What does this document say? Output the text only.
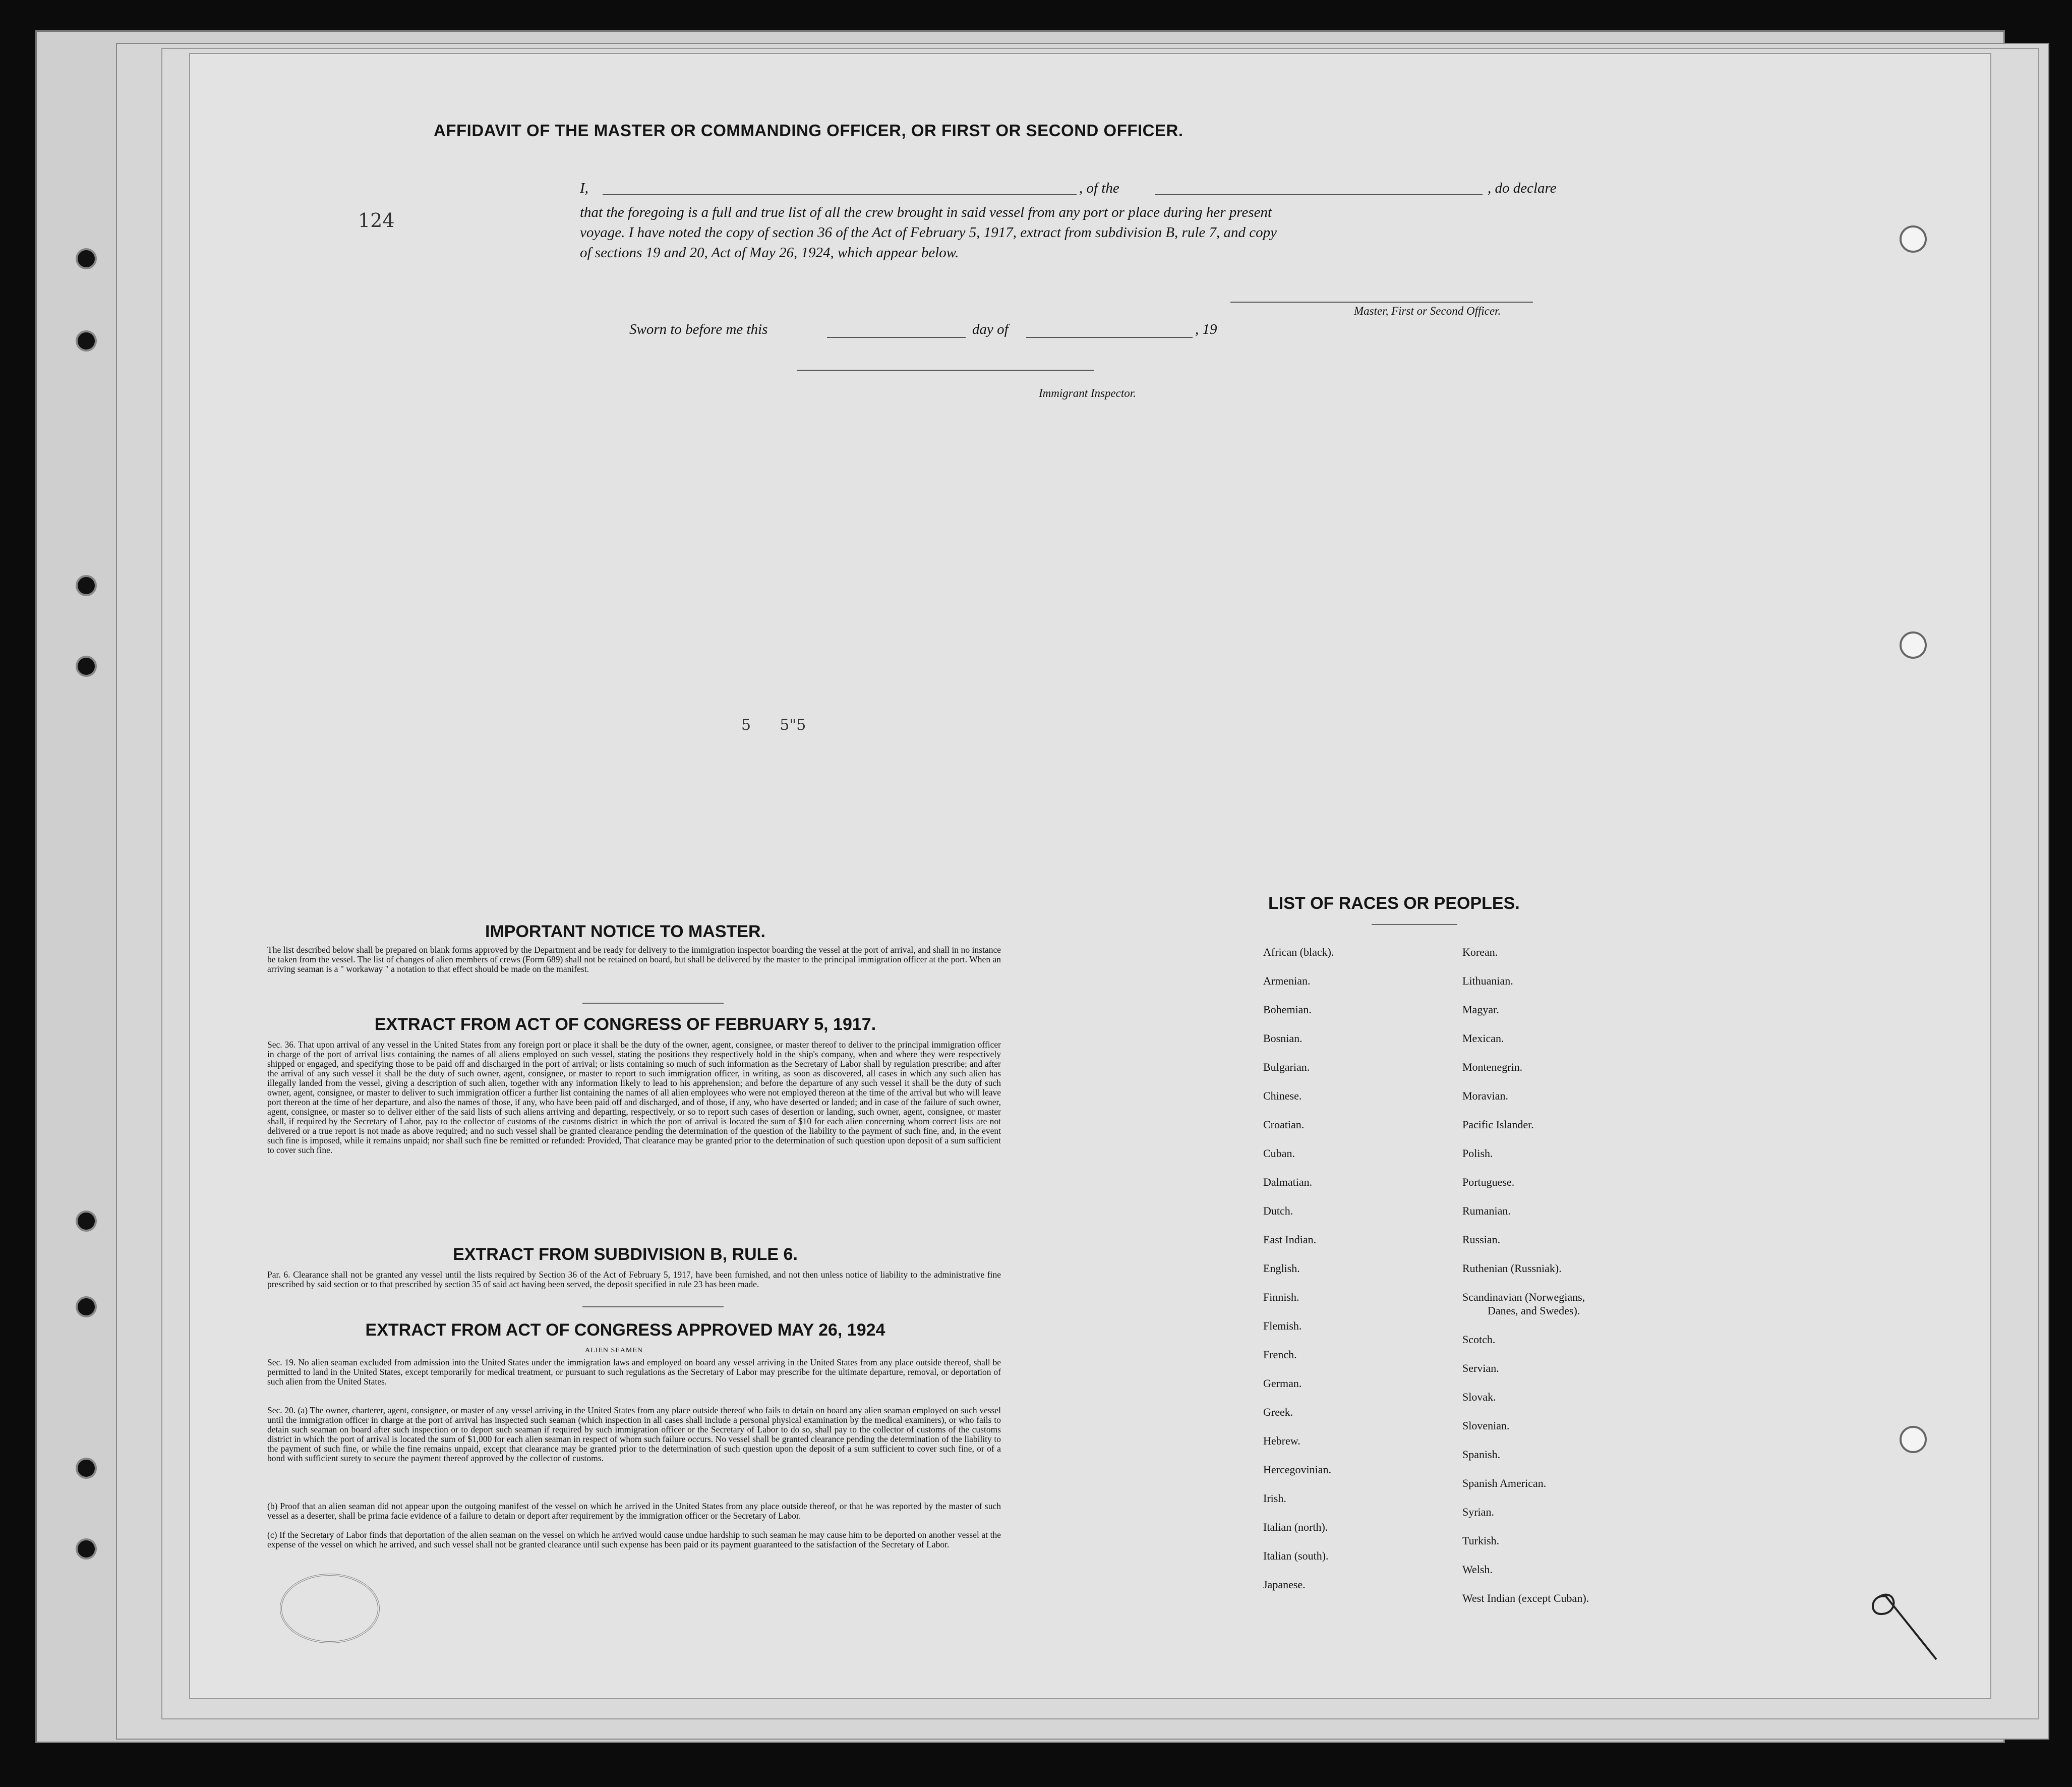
AFFIDAVIT OF THE MASTER OR COMMANDING OFFICER, OR FIRST OR SECOND OFFICER.
I,	, of the	, do declare
that the foregoing is a full and true list of all the crew brought in said vessel from any port or place during her present
voyage. I have noted the copy of section 36 of the Act of February 5, 1917, extract from subdivision B, rule 7, and copy
of sections 19 and 20, Act of May 26, 1924, which appear below.
Master, First or Second Officer.
Sworn to before me this	day of	, 19
Immigrant Inspector.
124
5      5"5
IMPORTANT NOTICE TO MASTER.
The list described below shall be prepared on blank forms approved by the Department and be ready for delivery to the immigration inspector boarding the vessel at the port of arrival, and shall in no instance be taken from the vessel. The list of changes of alien members of crews (Form 689) shall not be retained on board, but shall be delivered by the master to the principal immigration officer at the port. When an arriving seaman is a " workaway " a notation to that effect should be made on the manifest.
EXTRACT FROM ACT OF CONGRESS OF FEBRUARY 5, 1917.
Sec. 36. That upon arrival of any vessel in the United States from any foreign port or place it shall be the duty of the owner, agent, consignee, or master thereof to deliver to the principal immigration officer in charge of the port of arrival lists containing the names of all aliens employed on such vessel, stating the positions they respectively hold in the ship's company, when and where they were respectively shipped or engaged, and specifying those to be paid off and discharged in the port of arrival; or lists containing so much of such information as the Secretary of Labor shall by regulation prescribe; and after the arrival of any such vessel it shall be the duty of such owner, agent, consignee, or master to report to such immigration officer, in writing, as soon as discovered, all cases in which any such alien has illegally landed from the vessel, giving a description of such alien, together with any information likely to lead to his apprehension; and before the departure of any such vessel it shall be the duty of such owner, agent, consignee, or master to deliver to such immigration officer a further list containing the names of all alien employees who were not employed thereon at the time of the arrival but who will leave port thereon at the time of her departure, and also the names of those, if any, who have been paid off and discharged, and of those, if any, who have deserted or landed; and in case of the failure of such owner, agent, consignee, or master so to deliver either of the said lists of such aliens arriving and departing, respectively, or so to report such cases of desertion or landing, such owner, agent, consignee, or master shall, if required by the Secretary of Labor, pay to the collector of customs of the customs district in which the port of arrival is located the sum of $10 for each alien concerning whom correct lists are not delivered or a true report is not made as above required; and no such vessel shall be granted clearance pending the determination of the question of the liability to the payment of such fine, and, in the event such fine is imposed, while it remains unpaid; nor shall such fine be remitted or refunded: Provided, That clearance may be granted prior to the determination of such question upon deposit of a sum sufficient to cover such fine.
EXTRACT FROM SUBDIVISION B, RULE 6.
Par. 6. Clearance shall not be granted any vessel until the lists required by Section 36 of the Act of February 5, 1917, have been furnished, and not then unless notice of liability to the administrative fine prescribed by said section or to that prescribed by section 35 of said act having been served, the deposit specified in rule 23 has been made.
EXTRACT FROM ACT OF CONGRESS APPROVED MAY 26, 1924
ALIEN SEAMEN
Sec. 19. No alien seaman excluded from admission into the United States under the immigration laws and employed on board any vessel arriving in the United States from any place outside thereof, shall be permitted to land in the United States, except temporarily for medical treatment, or pursuant to such regulations as the Secretary of Labor may prescribe for the ultimate departure, removal, or deportation of such alien from the United States.
Sec. 20. (a) The owner, charterer, agent, consignee, or master of any vessel arriving in the United States from any place outside thereof who fails to detain on board any alien seaman employed on such vessel until the immigration officer in charge at the port of arrival has inspected such seaman (which inspection in all cases shall include a personal physical examination by the medical examiners), or who fails to detain such seaman on board after such inspection or to deport such seaman if required by such immigration officer or the Secretary of Labor to do so, shall pay to the collector of customs of the customs district in which the port of arrival is located the sum of $1,000 for each alien seaman in respect of whom such failure occurs. No vessel shall be granted clearance pending the determination of the liability to the payment of such fine, or while the fine remains unpaid, except that clearance may be granted prior to the determination of such question upon the deposit of a sum sufficient to cover such fine, or of a bond with sufficient surety to secure the payment thereof approved by the collector of customs.
(b) Proof that an alien seaman did not appear upon the outgoing manifest of the vessel on which he arrived in the United States from any place outside thereof, or that he was reported by the master of such vessel as a deserter, shall be prima facie evidence of a failure to detain or deport after requirement by the immigration officer or the Secretary of Labor.
(c) If the Secretary of Labor finds that deportation of the alien seaman on the vessel on which he arrived would cause undue hardship to such seaman he may cause him to be deported on another vessel at the expense of the vessel on which he arrived, and such vessel shall not be granted clearance until such expense has been paid or its payment guaranteed to the satisfaction of the Secretary of Labor.
LIST OF RACES OR PEOPLES.
African (black).
Armenian.
Bohemian.
Bosnian.
Bulgarian.
Chinese.
Croatian.
Cuban.
Dalmatian.
Dutch.
East Indian.
English.
Finnish.
Flemish.
French.
German.
Greek.
Hebrew.
Hercegovinian.
Irish.
Italian (north).
Italian (south).
Japanese.
Korean.
Lithuanian.
Magyar.
Mexican.
Montenegrin.
Moravian.
Pacific Islander.
Polish.
Portuguese.
Rumanian.
Russian.
Ruthenian (Russniak).
Scandinavian (Norwegians,
Danes, and Swedes).
Scotch.
Servian.
Slovak.
Slovenian.
Spanish.
Spanish American.
Syrian.
Turkish.
Welsh.
West Indian (except Cuban).
